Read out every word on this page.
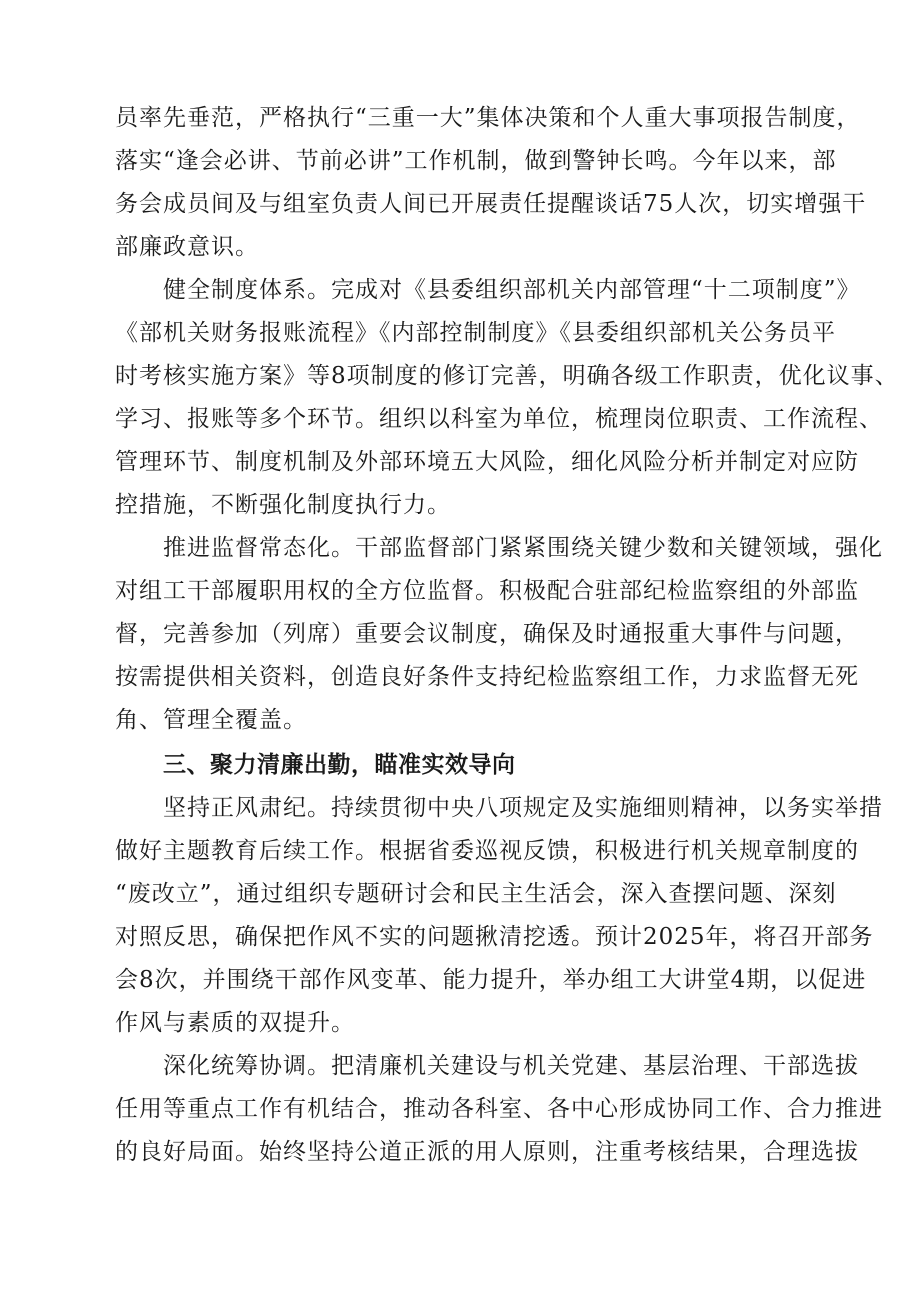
员率先垂范，严格执行“三重一大”集体决策和个人重大事项报告制度，
落实“逢会必讲、节前必讲”工作机制，做到警钟长鸣。今年以来，部
务会成员间及与组室负责人间已开展责任提醒谈话75人次，切实增强干
部廉政意识。
健全制度体系。完成对《县委组织部机关内部管理“十二项制度”》
《部机关财务报账流程》《内部控制制度》《县委组织部机关公务员平
时考核实施方案》等8项制度的修订完善，明确各级工作职责，优化议事、
学习、报账等多个环节。组织以科室为单位，梳理岗位职责、工作流程、
管理环节、制度机制及外部环境五大风险，细化风险分析并制定对应防
控措施，不断强化制度执行力。
推进监督常态化。干部监督部门紧紧围绕关键少数和关键领域，强化
对组工干部履职用权的全方位监督。积极配合驻部纪检监察组的外部监
督，完善参加（列席）重要会议制度，确保及时通报重大事件与问题，
按需提供相关资料，创造良好条件支持纪检监察组工作，力求监督无死
角、管理全覆盖。
三、聚力清廉出勤，瞄准实效导向
坚持正风肃纪。持续贯彻中央八项规定及实施细则精神，以务实举措
做好主题教育后续工作。根据省委巡视反馈，积极进行机关规章制度的
“废改立”，通过组织专题研讨会和民主生活会，深入查摆问题、深刻
对照反思，确保把作风不实的问题揪清挖透。预计2025年，将召开部务
会8次，并围绕干部作风变革、能力提升，举办组工大讲堂4期，以促进
作风与素质的双提升。
深化统筹协调。把清廉机关建设与机关党建、基层治理、干部选拔
任用等重点工作有机结合，推动各科室、各中心形成协同工作、合力推进
的良好局面。始终坚持公道正派的用人原则，注重考核结果，合理选拔
